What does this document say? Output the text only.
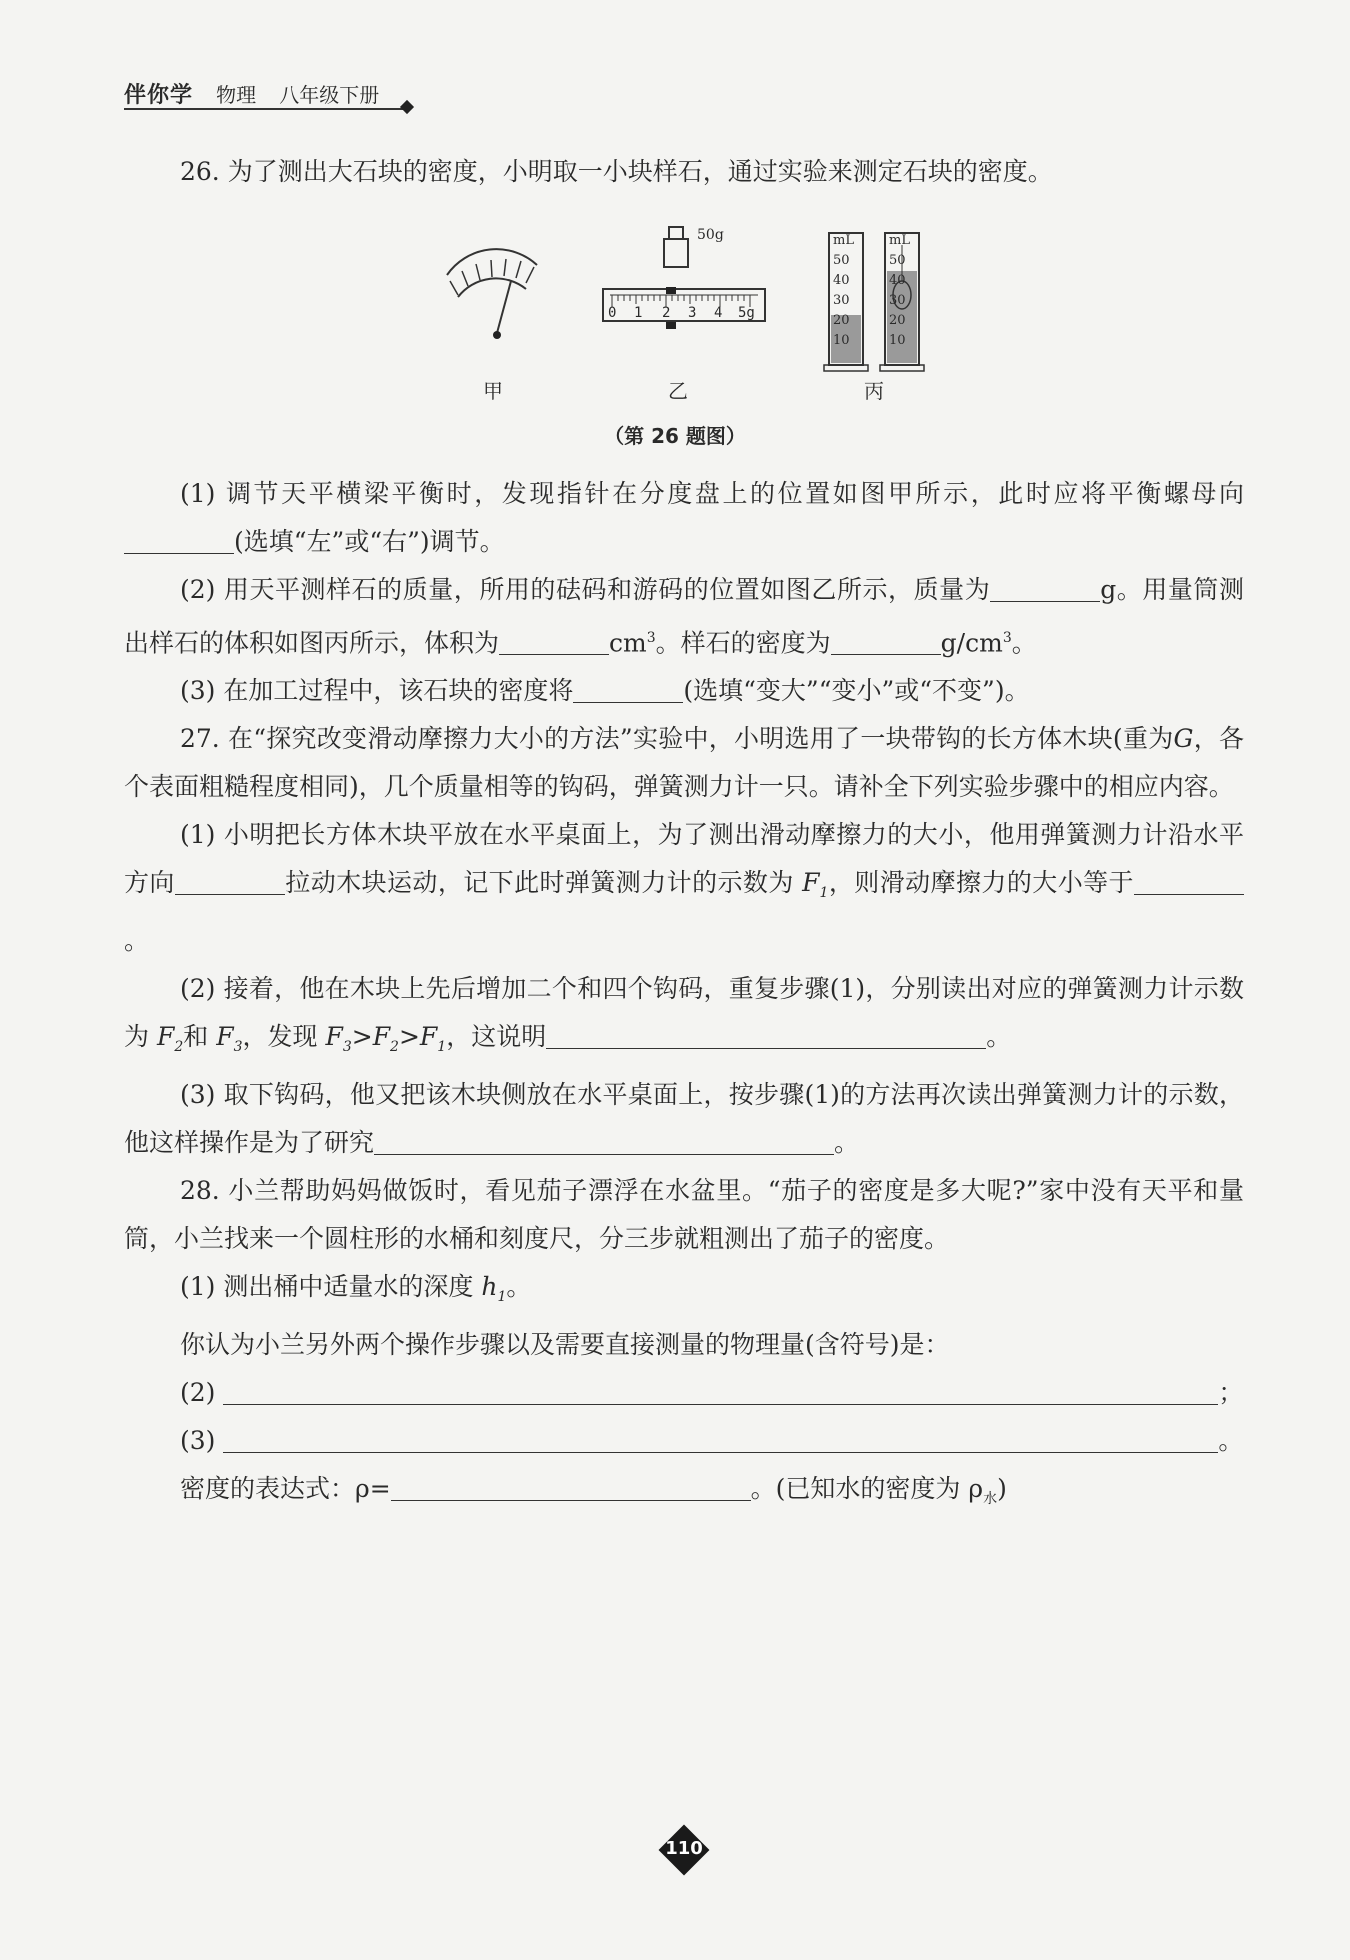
伴你学 物理 八年级下册

26. 为了测出大石块的密度，小明取一小块样石，通过实验来测定石块的密度。

50g
0 1 2 3 4 5g
mL
50
40
30
20
10
mL
50
40
30
20
10
甲	乙	丙
（第 26 题图）

(1) 调节天平横梁平衡时，发现指针在分度盘上的位置如图甲所示，此时应将平衡螺母向(选填“左”或“右”)调节。

(2) 用天平测样石的质量，所用的砝码和游码的位置如图乙所示，质量为	g。用量筒测出样石的体积如图丙所示，体积为	$cm^3$。样石的密度为	$g/cm^3$。

(3) 在加工过程中，该石块的密度将	(选填“变大”“变小”或“不变”)。

27. 在“探究改变滑动摩擦力大小的方法”实验中，小明选用了一块带钩的长方体木块(重为G，各个表面粗糙程度相同)，几个质量相等的钩码，弹簧测力计一只。请补全下列实验步骤中的相应内容。

(1) 小明把长方体木块平放在水平桌面上，为了测出滑动摩擦力的大小，他用弹簧测力计沿水平方向	拉动木块运动，记下此时弹簧测力计的示数为 $F_1$，则滑动摩擦力的大小等于。

(2) 接着，他在木块上先后增加二个和四个钩码，重复步骤(1)，分别读出对应的弹簧测力计示数为 $F_2$和 $F_3$，发现 $F_3>F_2>F_1$，这说明	。

(3) 取下钩码，他又把该木块侧放在水平桌面上，按步骤(1)的方法再次读出弹簧测力计的示数，他这样操作是为了研究	。

28. 小兰帮助妈妈做饭时，看见茄子漂浮在水盆里。“茄子的密度是多大呢?”家中没有天平和量筒，小兰找来一个圆柱形的水桶和刻度尺，分三步就粗测出了茄子的密度。

(1) 测出桶中适量水的深度 $h_1$。

你认为小兰另外两个操作步骤以及需要直接测量的物理量(含符号)是：

(2)	；

(3)	。

密度的表达式：ρ=	。(已知水的密度为 $\rho_水$)

110
